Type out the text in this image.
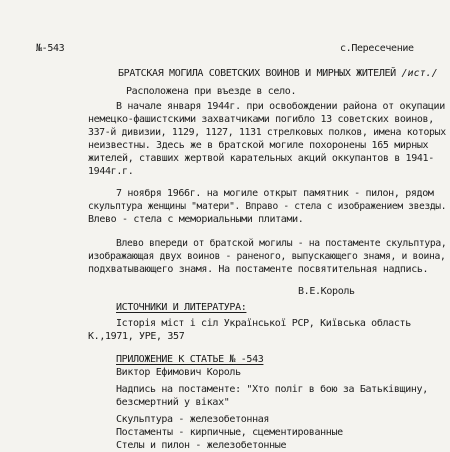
№-543	с.Пересечение
БРАТСКАЯ МОГИЛА СОВЕТСКИХ ВОИНОВ И МИРНЫХ ЖИТЕЛЕЙ /ист./
Расположена при въезде в село.
В начале января 1944г. при освобождении района от окупации
немецко-фашистскими захватчиками погибло 13 советских воинов,
337-й дивизии, 1129, 1127, 1131 стрелковых полков, имена которых
неизвестны. Здесь же в братской могиле похоронены 165 мирных
жителей, ставших жертвой карательных акций оккупантов в 1941-
1944г.г.
7 ноября 1966г. на могиле открыт памятник - пилон, рядом
скульптура женщины "матери". Вправо - стела с изображением звезды.
Влево - стела с мемориальными плитами.
Влево впереди от братской могилы - на постаменте скульптура,
изображающая двух воинов - раненого, выпускающего знамя, и воина,
подхватывающего знамя. На постаменте посвятительная надпись.
В.Е.Король
ИСТОЧНИКИ И ЛИТЕРАТУРА:
Історія міст і сіл Української РСР, Київська область
К.,1971, УРЕ, 357
ПРИЛОЖЕНИЕ К СТАТЬЕ № -543
Виктор Ефимович Король
Надпись на постаменте: "Хто поліг в бою за Батьківщину,
безсмертний у віках"
Скульптура - железобетонная
Постаменты - кирпичные, сцементированные
Стелы и пилон - железобетонные
